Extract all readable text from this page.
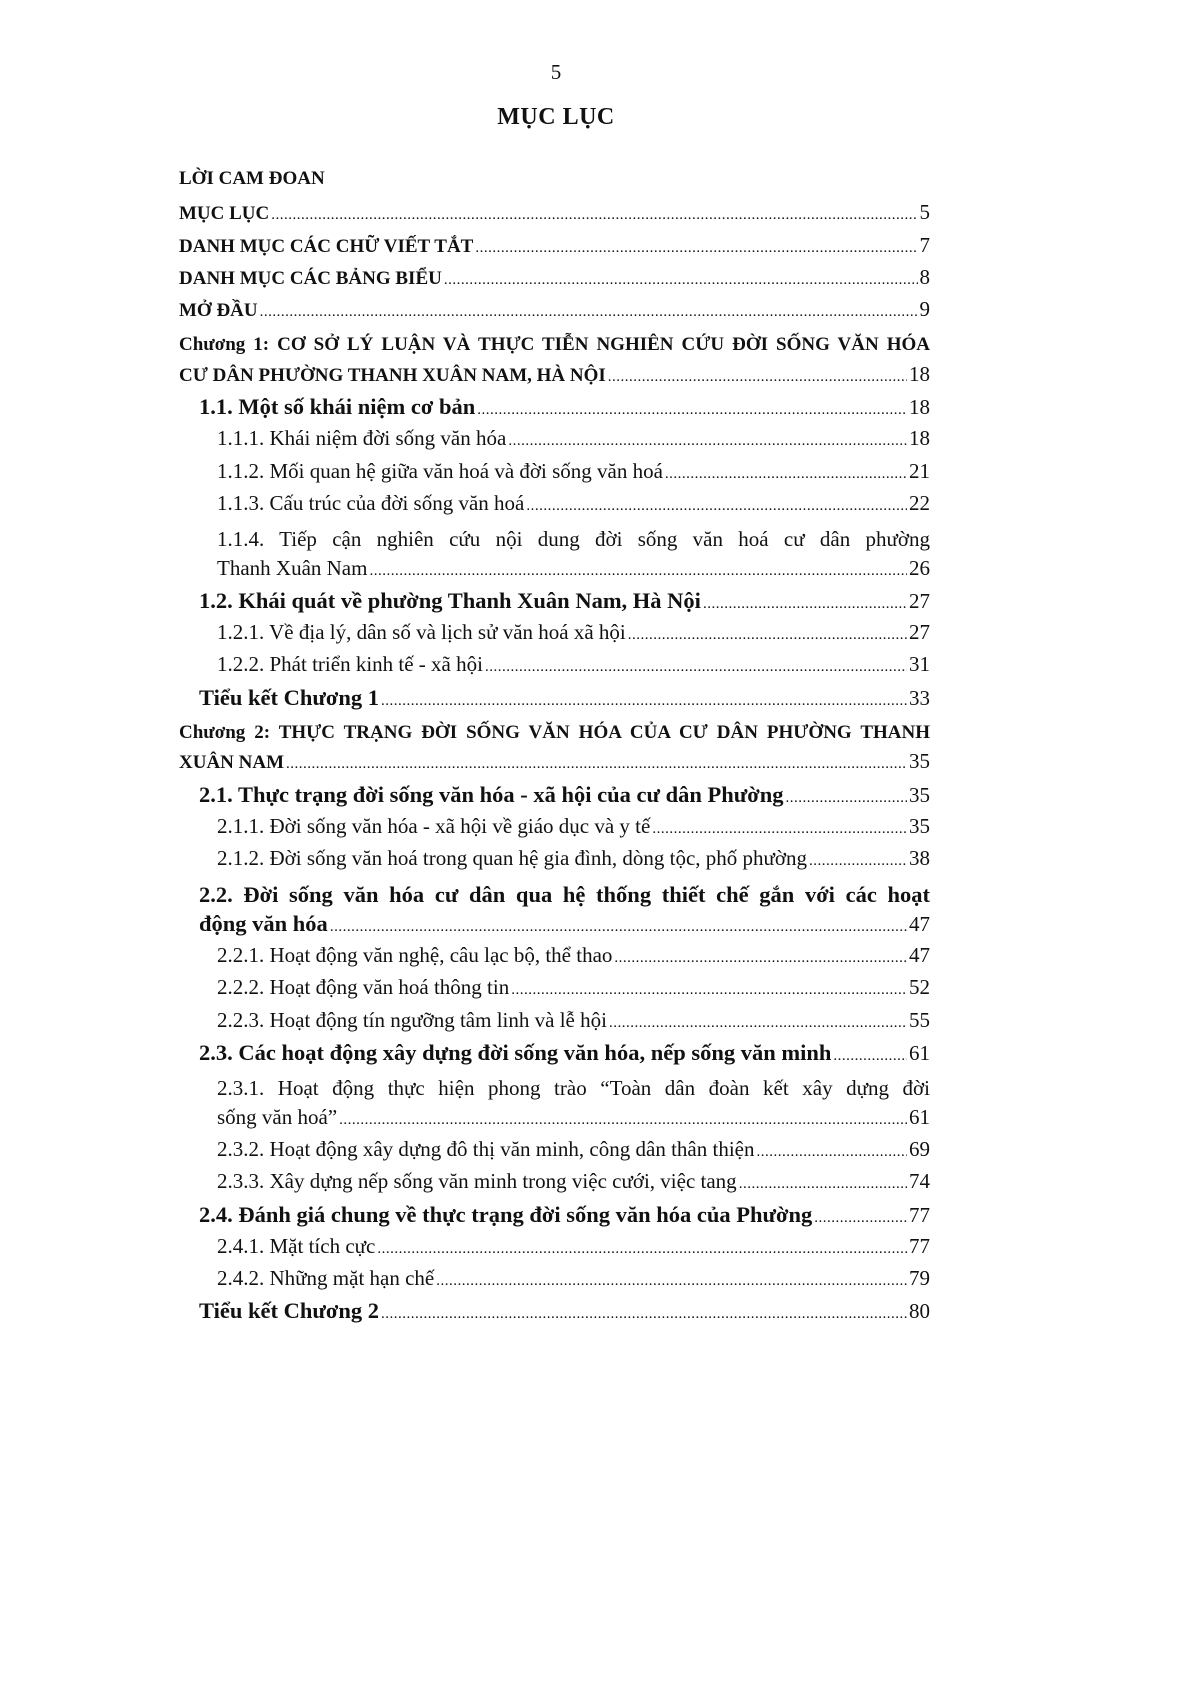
5
MỤC LỤC
LỜI CAM ĐOAN
MỤC LỤC .....	5
DANH MỤC CÁC CHỮ VIẾT TẮT .....	7
DANH MỤC CÁC BẢNG BIỂU .....	8
MỞ ĐẦU .....	9
Chương 1: CƠ SỞ LÝ LUẬN VÀ THỰC TIỄN NGHIÊN CỨU ĐỜI SỐNG VĂN HÓA
CƯ DÂN PHƯỜNG THANH XUÂN NAM, HÀ NỘI .....	18
1.1. Một số khái niệm cơ bản .....	18
1.1.1. Khái niệm đời sống văn hóa .....	18
1.1.2. Mối quan hệ giữa văn hoá và đời sống văn hoá .....	21
1.1.3. Cấu trúc của đời sống văn hoá .....	22
1.1.4. Tiếp cận nghiên cứu nội dung đời sống văn hoá cư dân phường
Thanh Xuân Nam .....	26
1.2. Khái quát về phường Thanh Xuân Nam, Hà Nội .....	27
1.2.1. Về địa lý, dân số và lịch sử văn hoá xã hội .....	27
1.2.2. Phát triển kinh tế - xã hội .....	31
Tiểu kết Chương 1 .....	33
Chương 2: THỰC TRẠNG ĐỜI SỐNG VĂN HÓA CỦA CƯ DÂN PHƯỜNG THANH
XUÂN NAM .....	35
2.1. Thực trạng đời sống văn hóa - xã hội của cư dân Phường .....	35
2.1.1. Đời sống văn hóa - xã hội về giáo dục và y tế .....	35
2.1.2. Đời sống văn hoá trong quan hệ gia đình, dòng tộc, phố phường .....	38
2.2. Đời sống văn hóa cư dân qua hệ thống thiết chế gắn với các hoạt
động văn hóa .....	47
2.2.1. Hoạt động văn nghệ, câu lạc bộ, thể thao .....	47
2.2.2. Hoạt động văn hoá thông tin .....	52
2.2.3. Hoạt động tín ngưỡng tâm linh và lễ hội .....	55
2.3. Các hoạt động xây dựng đời sống văn hóa, nếp sống văn minh .....	61
2.3.1. Hoạt động thực hiện phong trào “Toàn dân đoàn kết xây dựng đời
sống văn hoá” .....	61
2.3.2. Hoạt động xây dựng đô thị văn minh, công dân thân thiện .....	69
2.3.3. Xây dựng nếp sống văn minh trong việc cưới, việc tang .....	74
2.4. Đánh giá chung về thực trạng đời sống văn hóa của Phường .....	77
2.4.1. Mặt tích cực .....	77
2.4.2. Những mặt hạn chế .....	79
Tiểu kết Chương 2 .....	80
